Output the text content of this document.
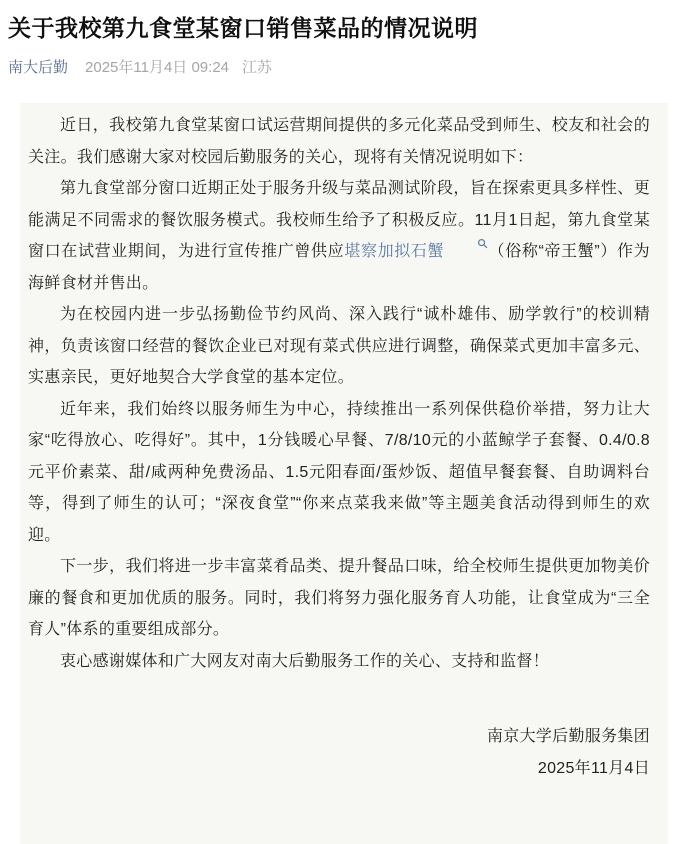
关于我校第九食堂某窗口销售菜品的情况说明
南大后勤 2025年11月4日 09:24 江苏

近日，我校第九食堂某窗口试运营期间提供的多元化菜品受到师生、校友和社会的关注。我们感谢大家对校园后勤服务的关心，现将有关情况说明如下：

第九食堂部分窗口近期正处于服务升级与菜品测试阶段，旨在探索更具多样性、更能满足不同需求的餐饮服务模式。我校师生给予了积极反应。11月1日起，第九食堂某窗口在试营业期间，为进行宣传推广曾供应堪察加拟石蟹	（俗称“帝王蟹”）作为海鲜食材并售出。

为在校园内进一步弘扬勤俭节约风尚、深入践行“诚朴雄伟、励学敦行”的校训精神，负责该窗口经营的餐饮企业已对现有菜式供应进行调整，确保菜式更加丰富多元、实惠亲民，更好地契合大学食堂的基本定位。

近年来，我们始终以服务师生为中心，持续推出一系列保供稳价举措，努力让大家“吃得放心、吃得好”。其中，1分钱暖心早餐、7/8/10元的小蓝鲸学子套餐、0.4/0.8元平价素菜、甜/咸两种免费汤品、1.5元阳春面/蛋炒饭、超值早餐套餐、自助调料台等，得到了师生的认可；“深夜食堂”“你来点菜我来做”等主题美食活动得到师生的欢迎。

下一步，我们将进一步丰富菜肴品类、提升餐品口味，给全校师生提供更加物美价廉的餐食和更加优质的服务。同时，我们将努力强化服务育人功能，让食堂成为“三全育人”体系的重要组成部分。

衷心感谢媒体和广大网友对南大后勤服务工作的关心、支持和监督！

南京大学后勤服务集团

2025年11月4日
